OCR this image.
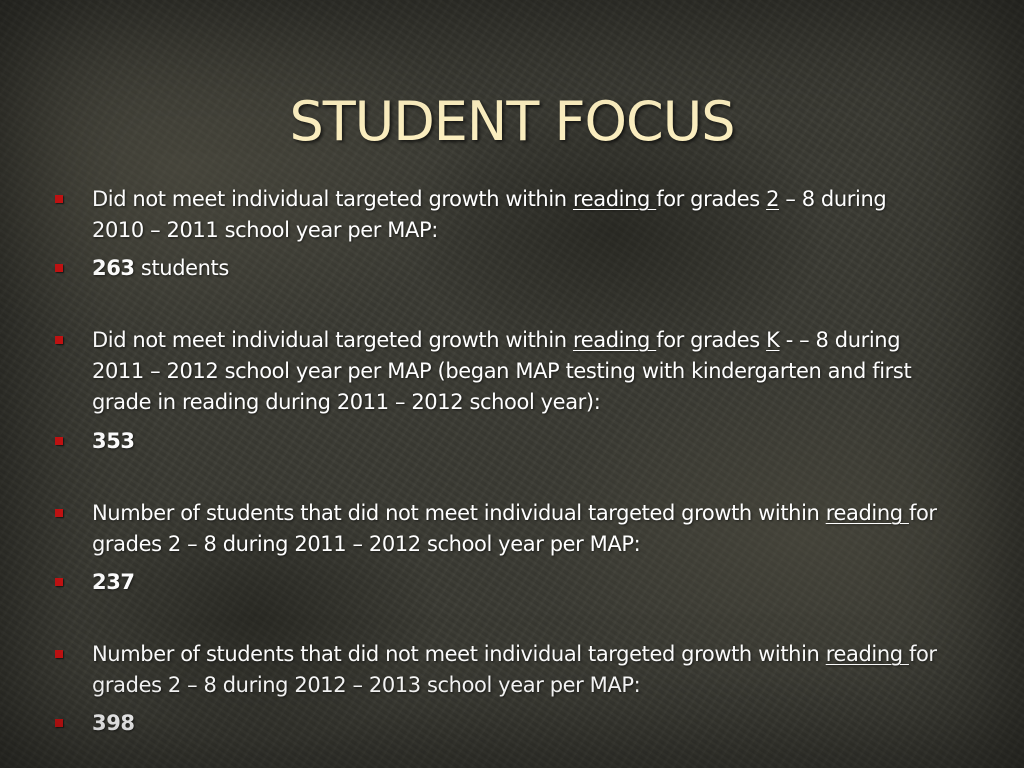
STUDENT FOCUS
Did not meet individual targeted growth within reading for grades 2 – 8 during 2010 – 2011 school year per MAP:
263 students
Did not meet individual targeted growth within reading for grades K - – 8 during 2011 – 2012 school year per MAP (began MAP testing with kindergarten and first grade in reading during 2011 – 2012 school year):
353
Number of students that did not meet individual targeted growth within reading for grades 2 – 8 during 2011 – 2012 school year per MAP:
237
Number of students that did not meet individual targeted growth within reading for grades 2 – 8 during 2012 – 2013 school year per MAP:
398
